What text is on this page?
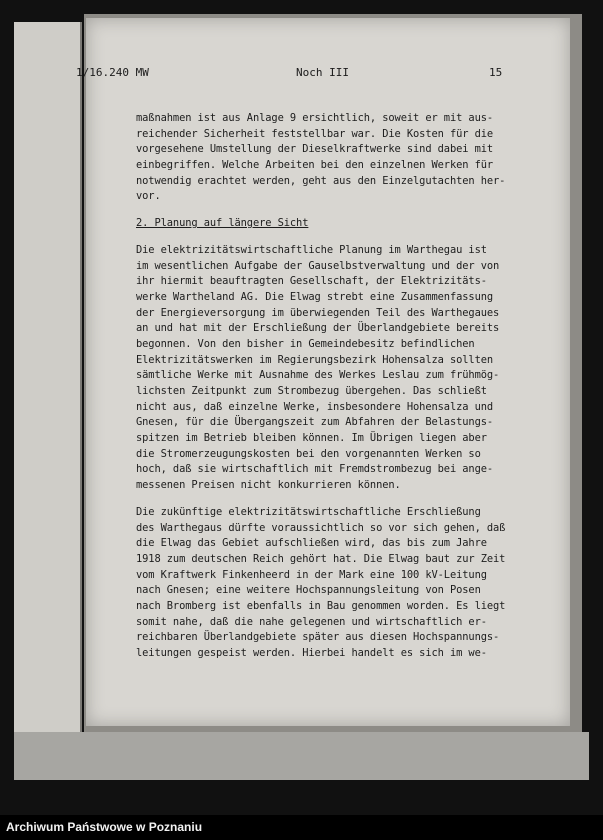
1/16.240 MW	Noch III	15
maßnahmen ist aus Anlage 9 ersichtlich, soweit er mit aus-
reichender Sicherheit feststellbar war. Die Kosten für die
vorgesehene Umstellung der Dieselkraftwerke sind dabei mit
einbegriffen. Welche Arbeiten bei den einzelnen Werken für
notwendig erachtet werden, geht aus den Einzelgutachten her-
vor.
2. Planung auf längere Sicht
Die elektrizitätswirtschaftliche Planung im Warthegau ist
im wesentlichen Aufgabe der Gauselbstverwaltung und der von
ihr hiermit beauftragten Gesellschaft, der Elektrizitäts-
werke Wartheland AG. Die Elwag strebt eine Zusammenfassung
der Energieversorgung im überwiegenden Teil des Warthegaues
an und hat mit der Erschließung der Überlandgebiete bereits
begonnen. Von den bisher in Gemeindebesitz befindlichen
Elektrizitätswerken im Regierungsbezirk Hohensalza sollten
sämtliche Werke mit Ausnahme des Werkes Leslau zum frühmög-
lichsten Zeitpunkt zum Strombezug übergehen. Das schließt
nicht aus, daß einzelne Werke, insbesondere Hohensalza und
Gnesen, für die Übergangszeit zum Abfahren der Belastungs-
spitzen im Betrieb bleiben können. Im Übrigen liegen aber
die Stromerzeugungskosten bei den vorgenannten Werken so
hoch, daß sie wirtschaftlich mit Fremdstrombezug bei ange-
messenen Preisen nicht konkurrieren können.
Die zukünftige elektrizitätswirtschaftliche Erschließung
des Warthegaus dürfte voraussichtlich so vor sich gehen, daß
die Elwag das Gebiet aufschließen wird, das bis zum Jahre
1918 zum deutschen Reich gehört hat. Die Elwag baut zur Zeit
vom Kraftwerk Finkenheerd in der Mark eine 100 kV-Leitung
nach Gnesen; eine weitere Hochspannungsleitung von Posen
nach Bromberg ist ebenfalls in Bau genommen worden. Es liegt
somit nahe, daß die nahe gelegenen und wirtschaftlich er-
reichbaren Überlandgebiete später aus diesen Hochspannungs-
leitungen gespeist werden. Hierbei handelt es sich im we-
Archiwum Państwowe w Poznaniu
